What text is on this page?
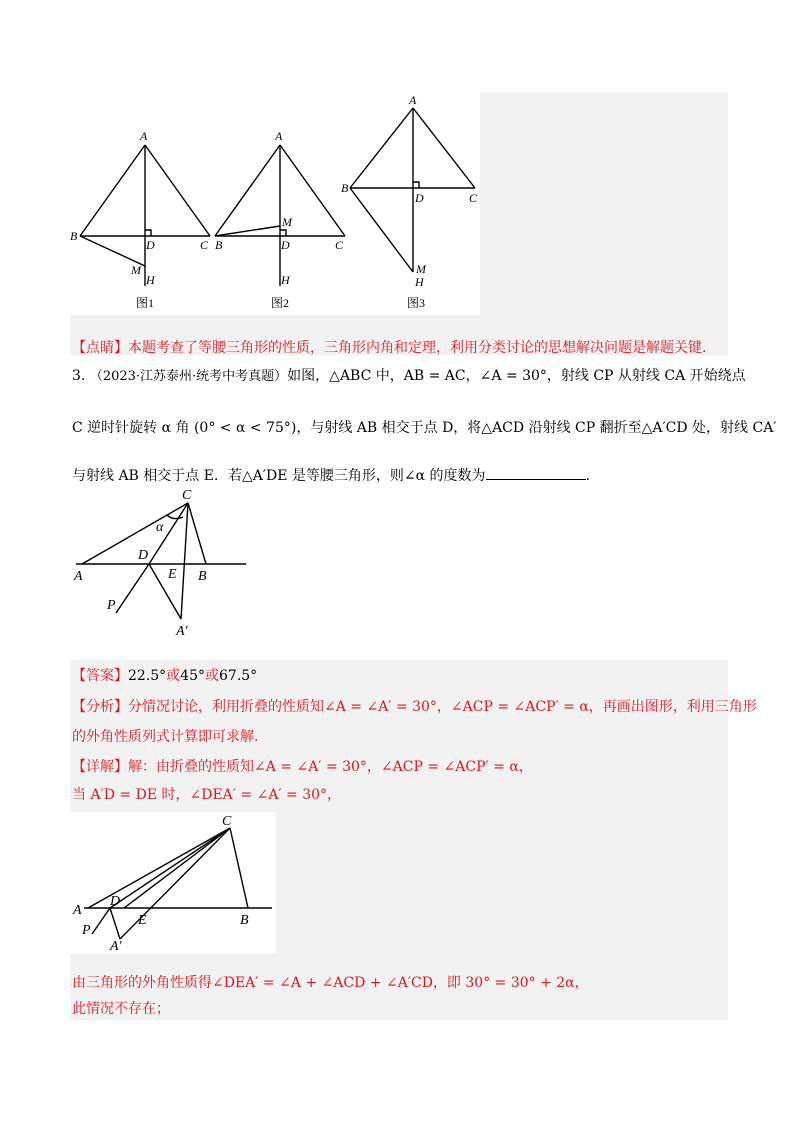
A
B
C
D
M
H
图1
A
B	C
D
M
H
图2
A
B
C
D
M
H
图3
【点睛】本题考查了等腰三角形的性质，三角形内角和定理，利用分类讨论的思想解决问题是解题关键.
3. （2023·江苏泰州·统考中考真题）如图，△ABC 中，AB = AC，∠A = 30°，射线 CP 从射线 CA 开始绕点
C 逆时针旋转 α 角 (0° < α < 75°)，与射线 AB 相交于点 D，将△ACD 沿射线 CP 翻折至△A′CD 处，射线 CA′
与射线 AB 相交于点 E．若△A′DE 是等腰三角形，则∠α 的度数为	.
C
α
D
A	E B
P
A′
【答案】22.5°或45°或67.5°
【分析】分情况讨论，利用折叠的性质知∠A = ∠A′ = 30°，∠ACP = ∠ACP′ = α，再画出图形，利用三角形
的外角性质列式计算即可求解.
【详解】解：由折叠的性质知∠A = ∠A′ = 30°，∠ACP = ∠ACP′ = α，
当 A′D = DE 时，∠DEA′ = ∠A′ = 30°，
C
A
D
E	B
P
A′
由三角形的外角性质得∠DEA′ = ∠A + ∠ACD + ∠A′CD，即 30° = 30° + 2α，
此情况不存在；
